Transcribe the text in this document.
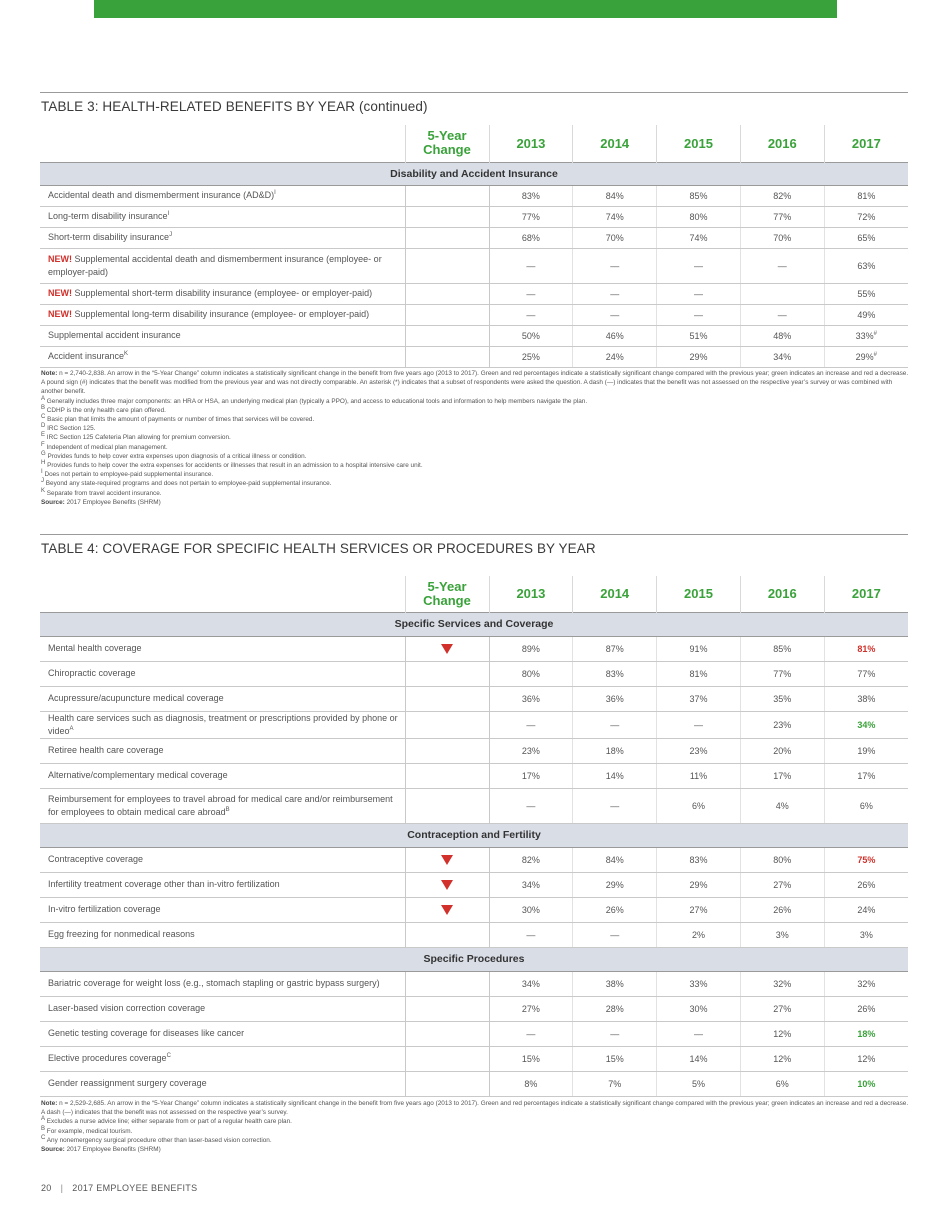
TABLE 3: HEALTH-RELATED BENEFITS BY YEAR (continued)
	5-Year
Change	2013	2014	2015	2016	2017
Disability and Accident Insurance						
Accidental death and dismemberment insurance (AD&D)$^I$		83%	84%	85%	82%	81%
Long-term disability insurance$^I$		77%	74%	80%	77%	72%
Short-term disability insurance$^J$		68%	70%	74%	70%	65%
NEW! Supplemental accidental death and dismemberment insurance (employee- or employer-paid)		—	—	—	—	63%
NEW! Supplemental short-term disability insurance (employee- or employer-paid)		—	—	—		55%
NEW! Supplemental long-term disability insurance (employee- or employer-paid)		—	—	—	—	49%
Supplemental accident insurance		50%	46%	51%	48%	33%#
Accident insurance$^K$		25%	24%	29%	34%	29%#
Note: n = 2,740-2,838. An arrow in the “5-Year Change” column indicates a statistically significant change in the benefit from five years ago (2013 to 2017). Green and red percentages indicate a statistically significant change compared with the previous year; green indicates an increase and red a decrease. A pound sign (#) indicates that the benefit was modified from the previous year and was not directly comparable. An asterisk (*) indicates that a subset of respondents were asked the question. A dash (—) indicates that the benefit was not assessed on the respective year’s survey or was combined with another benefit.
A Generally includes three major components: an HRA or HSA, an underlying medical plan (typically a PPO), and access to educational tools and information to help members navigate the plan.
B CDHP is the only health care plan offered.
C Basic plan that limits the amount of payments or number of times that services will be covered.
D IRC Section 125.
E IRC Section 125 Cafeteria Plan allowing for premium conversion.
F Independent of medical plan management.
G Provides funds to help cover extra expenses upon diagnosis of a critical illness or condition.
H Provides funds to help cover the extra expenses for accidents or illnesses that result in an admission to a hospital intensive care unit.
I Does not pertain to employee-paid supplemental insurance.
J Beyond any state-required programs and does not pertain to employee-paid supplemental insurance.
K Separate from travel accident insurance.
Source: 2017 Employee Benefits (SHRM)
TABLE 4: COVERAGE FOR SPECIFIC HEALTH SERVICES OR PROCEDURES BY YEAR
	5-Year
Change	2013	2014	2015	2016	2017
Specific Services and Coverage						
Mental health coverage		89%	87%	91%	85%	81%
Chiropractic coverage		80%	83%	81%	77%	77%
Acupressure/acupuncture medical coverage		36%	36%	37%	35%	38%
Health care services such as diagnosis, treatment or prescriptions provided by phone or video$^A$		—	—	—	23%	34%
Retiree health care coverage		23%	18%	23%	20%	19%
Alternative/complementary medical coverage		17%	14%	11%	17%	17%
Reimbursement for employees to travel abroad for medical care and/or reimbursement for employees to obtain medical care abroad$^B$		—	—	6%	4%	6%
Contraception and Fertility						
Contraceptive coverage		82%	84%	83%	80%	75%
Infertility treatment coverage other than in-vitro fertilization		34%	29%	29%	27%	26%
In-vitro fertilization coverage		30%	26%	27%	26%	24%
Egg freezing for nonmedical reasons		—	—	2%	3%	3%
Specific Procedures						
Bariatric coverage for weight loss (e.g., stomach stapling or gastric bypass surgery)		34%	38%	33%	32%	32%
Laser-based vision correction coverage		27%	28%	30%	27%	26%
Genetic testing coverage for diseases like cancer		—	—	—	12%	18%
Elective procedures coverage$^C$		15%	15%	14%	12%	12%
Gender reassignment surgery coverage		8%	7%	5%	6%	10%
Note: n = 2,529-2,685. An arrow in the “5-Year Change” column indicates a statistically significant change in the benefit from five years ago (2013 to 2017). Green and red percentages indicate a statistically significant change compared with the previous year; green indicates an increase and red a decrease. A dash (—) indicates that the benefit was not assessed on the respective year’s survey.
A Excludes a nurse advice line; either separate from or part of a regular health care plan.
B For example, medical tourism.
C Any nonemergency surgical procedure other than laser-based vision correction.
Source: 2017 Employee Benefits (SHRM)
20 | 2017 EMPLOYEE BENEFITS
